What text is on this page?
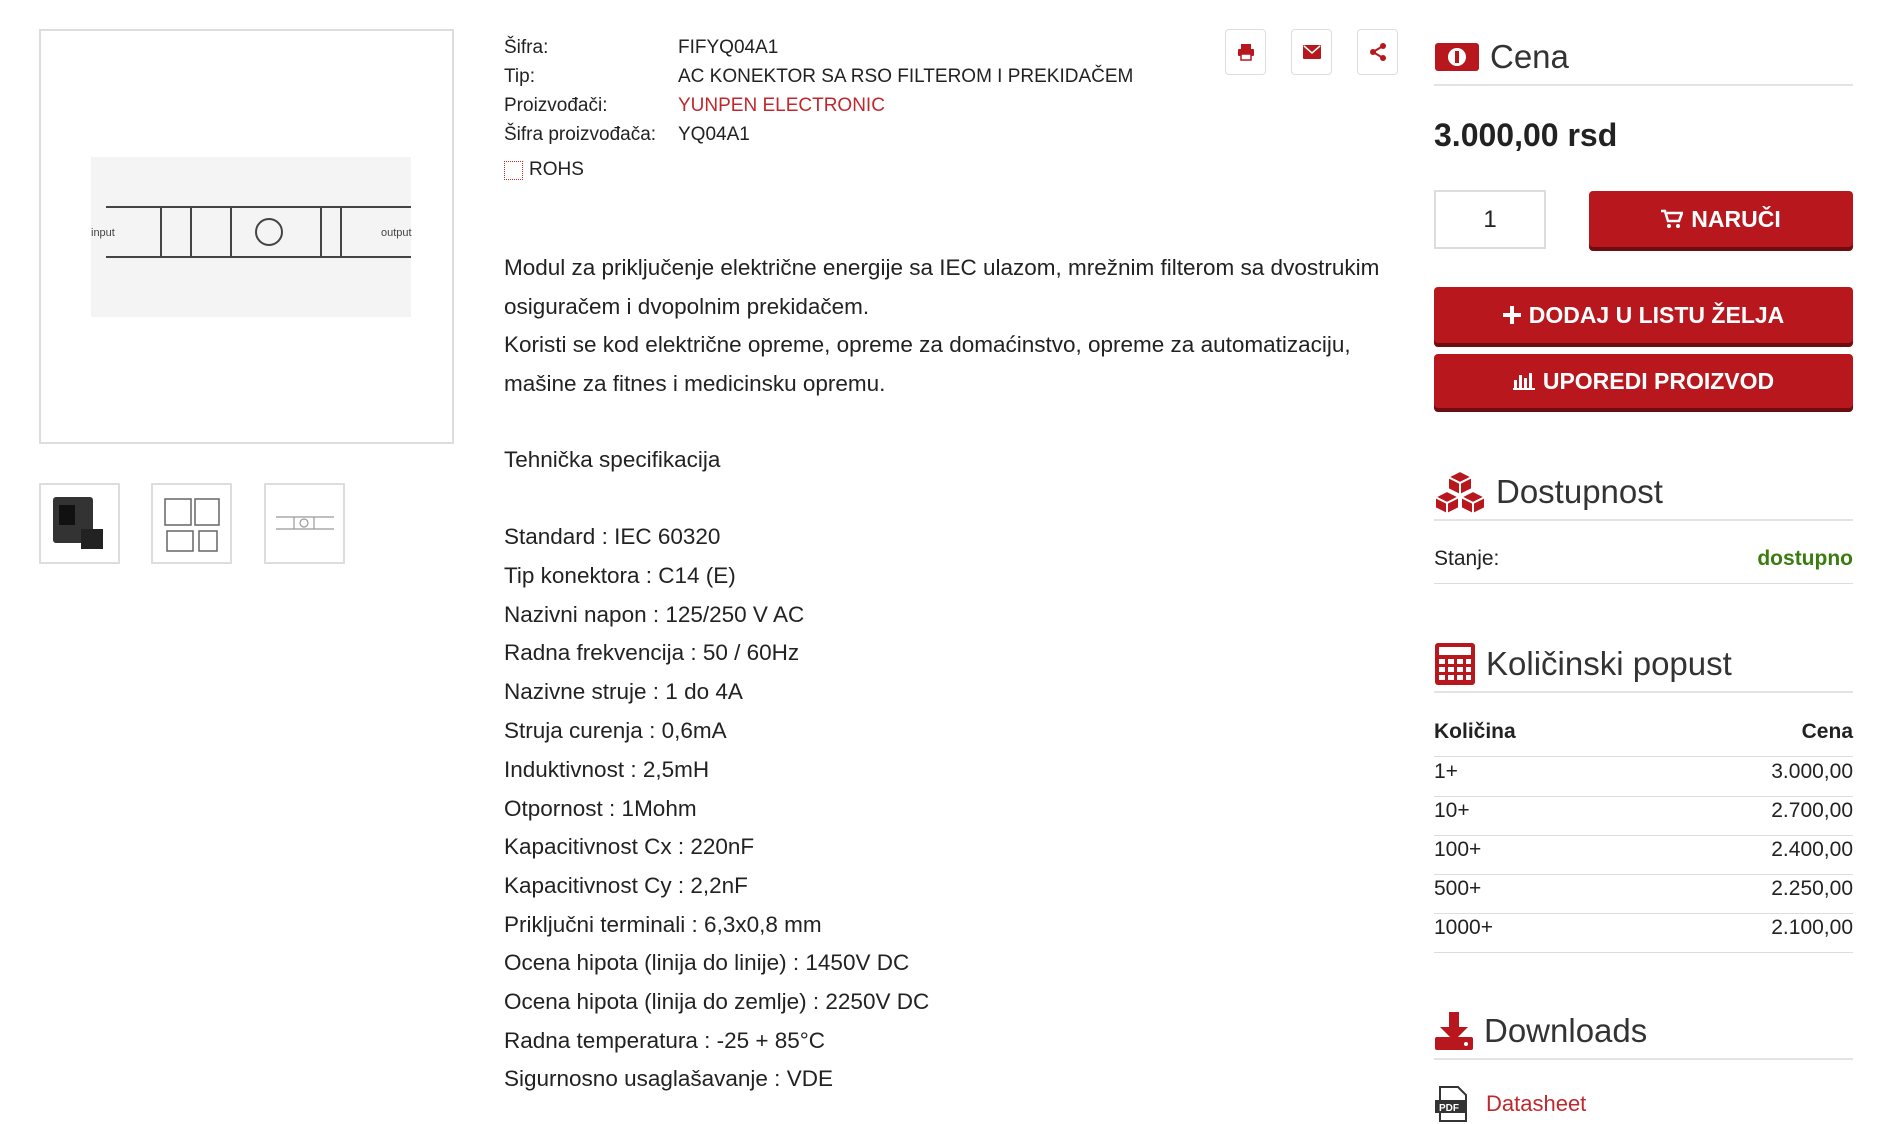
input	output
Šifra:	FIFYQ04A1
Tip:	AC KONEKTOR SA RSO FILTEROM I PREKIDAČEM
Proizvođači:	YUNPEN ELECTRONIC
Šifra proizvođača: YQ04A1
ROHS
Modul za priključenje električne energije sa IEC ulazom, mrežnim filterom sa dvostrukim
osiguračem i dvopolnim prekidačem.
Koristi se kod električne opreme, opreme za domaćinstvo, opreme za automatizaciju,
mašine za fitnes i medicinsku opremu.
Tehnička specifikacija
Standard : IEC 60320
Tip konektora : C14 (E)
Nazivni napon : 125/250 V AC
Radna frekvencija : 50 / 60Hz
Nazivne struje : 1 do 4A
Struja curenja : 0,6mA
Induktivnost : 2,5mH
Otpornost : 1Mohm
Kapacitivnost Cx : 220nF
Kapacitivnost Cy : 2,2nF
Priključni terminali : 6,3x0,8 mm
Ocena hipota (linija do linije) : 1450V DC
Ocena hipota (linija do zemlje) : 2250V DC
Radna temperatura : -25 + 85°C
Sigurnosno usaglašavanje : VDE
Cena
3.000,00 rsd
1	NARUČI
DODAJ U LISTU ŽELJA
UPOREDI PROIZVOD
Dostupnost
Stanje:	dostupno
Količinski popust
Količina	Cena
1+	3.000,00
10+	2.700,00
100+	2.400,00
500+	2.250,00
1000+	2.100,00
Downloads
PDF Datasheet
